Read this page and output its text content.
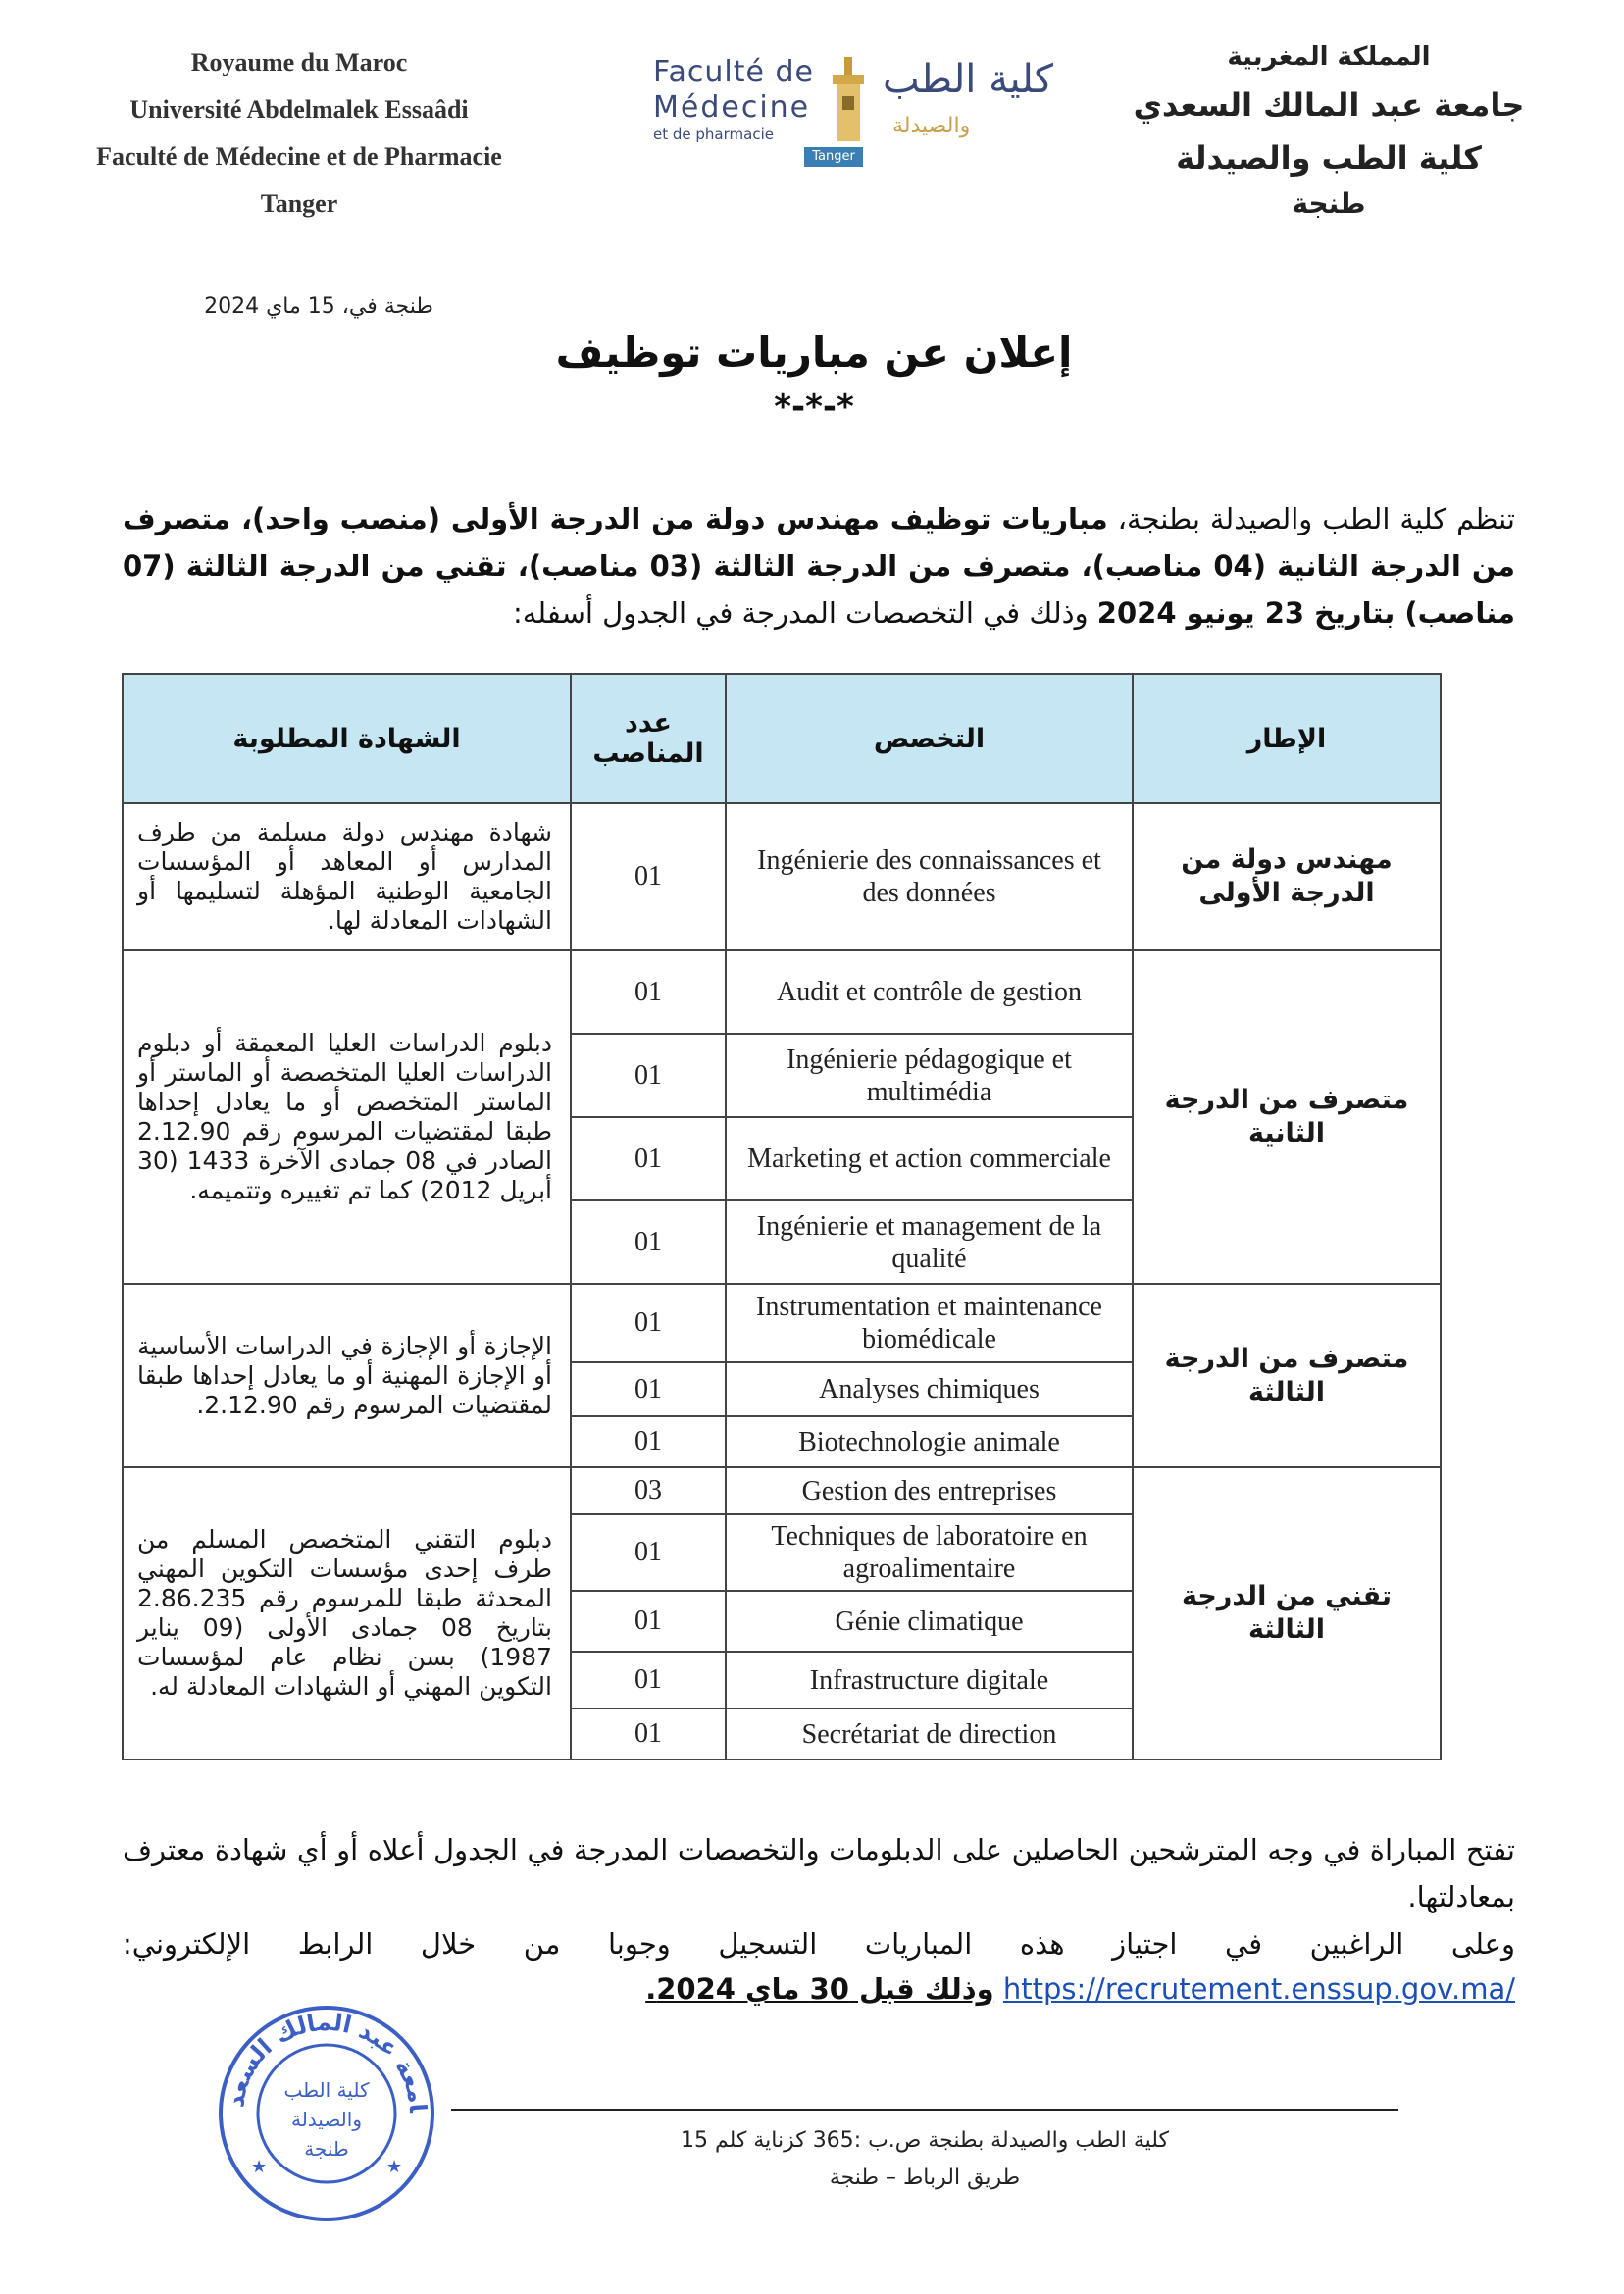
Royaume du Maroc
Université Abdelmalek Essaâdi
Faculté de Médecine et de Pharmacie
Tanger
Faculté de
Médecine
et de pharmacie
كلية الطب
والصيدلة
Tanger
المملكة المغربية
جامعة عبد المالك السعدي
كلية الطب والصيدلة
طنجة
طنجة في، 15 ماي 2024
إعلان عن مباريات توظيف
*-*-*
تنظم كلية الطب والصيدلة بطنجة، مباريات توظيف مهندس دولة من الدرجة الأولى (منصب واحد)، متصرف من الدرجة الثانية (04 مناصب)، متصرف من الدرجة الثالثة (03 مناصب)، تقني من الدرجة الثالثة (07 مناصب) بتاريخ 23 يونيو 2024 وذلك في التخصصات المدرجة في الجدول أسفله:
الشهادة المطلوبة	عدد المناصب	التخصص	الإطار
شهادة مهندس دولة مسلمة من طرف المدارس أو المعاهد أو المؤسسات الجامعية الوطنية المؤهلة لتسليمها أو الشهادات المعادلة لها.	01	Ingénierie des connaissances et des données	مهندس دولة من الدرجة الأولى
دبلوم الدراسات العليا المعمقة أو دبلوم الدراسات العليا المتخصصة أو الماستر أو الماستر المتخصص أو ما يعادل إحداها طبقا لمقتضيات المرسوم رقم 2.12.90 الصادر في 08 جمادى الآخرة 1433 (30 أبريل 2012) كما تم تغييره وتتميمه.	01	Audit et contrôle de gestion	متصرف من الدرجة الثانية
	01	Ingénierie pédagogique et multimédia	
	01	Marketing et action commerciale	
	01	Ingénierie et management de la qualité	
الإجازة أو الإجازة في الدراسات الأساسية أو الإجازة المهنية أو ما يعادل إحداها طبقا لمقتضيات المرسوم رقم 2.12.90.	01	Instrumentation et maintenance biomédicale	متصرف من الدرجة الثالثة
	01	Analyses chimiques	
	01	Biotechnologie animale	
دبلوم التقني المتخصص المسلم من طرف إحدى مؤسسات التكوين المهني المحدثة طبقا للمرسوم رقم 2.86.235 بتاريخ 08 جمادى الأولى (09 يناير 1987) بسن نظام عام لمؤسسات التكوين المهني أو الشهادات المعادلة له.	03	Gestion des entreprises	تقني من الدرجة الثالثة
	01	Techniques de laboratoire en agroalimentaire	
	01	Génie climatique	
	01	Infrastructure digitale	
	01	Secrétariat de direction	
تفتح المباراة في وجه المترشحين الحاصلين على الدبلومات والتخصصات المدرجة في الجدول أعلاه أو أي شهادة معترف بمعادلتها.
وعلى الراغبين في اجتياز هذه المباريات التسجيل وجوبا من خلال الرابط الإلكتروني:
https://recrutement.enssup.gov.ma/ وذلك قبل 30 ماي 2024.
امعة عبد المالك السعد	كلية الطب
والصيدلة
طنجة
★	★
كلية الطب والصيدلة بطنجة ص.ب :365 كزناية كلم 15
طريق الرباط – طنجة
